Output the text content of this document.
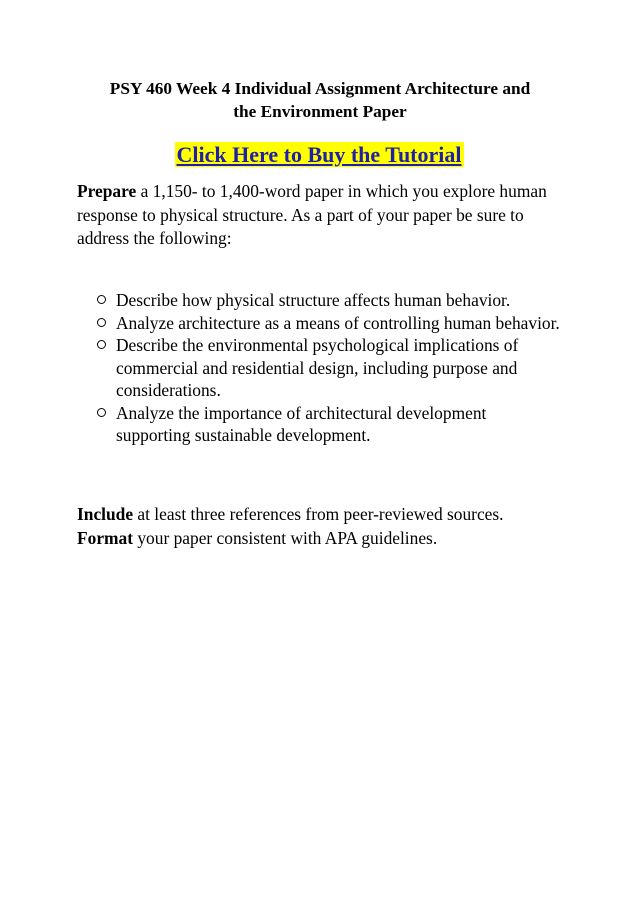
PSY 460 Week 4 Individual Assignment Architecture and
the Environment Paper
Click Here to Buy the Tutorial
Prepare a 1,150- to 1,400-word paper in which you explore human response to physical structure. As a part of your paper be sure to address the following:
Describe how physical structure affects human behavior.
Analyze architecture as a means of controlling human behavior.
Describe the environmental psychological implications of commercial and residential design, including purpose and considerations.
Analyze the importance of architectural development supporting sustainable development.
Include at least three references from peer-reviewed sources.
Format your paper consistent with APA guidelines.
